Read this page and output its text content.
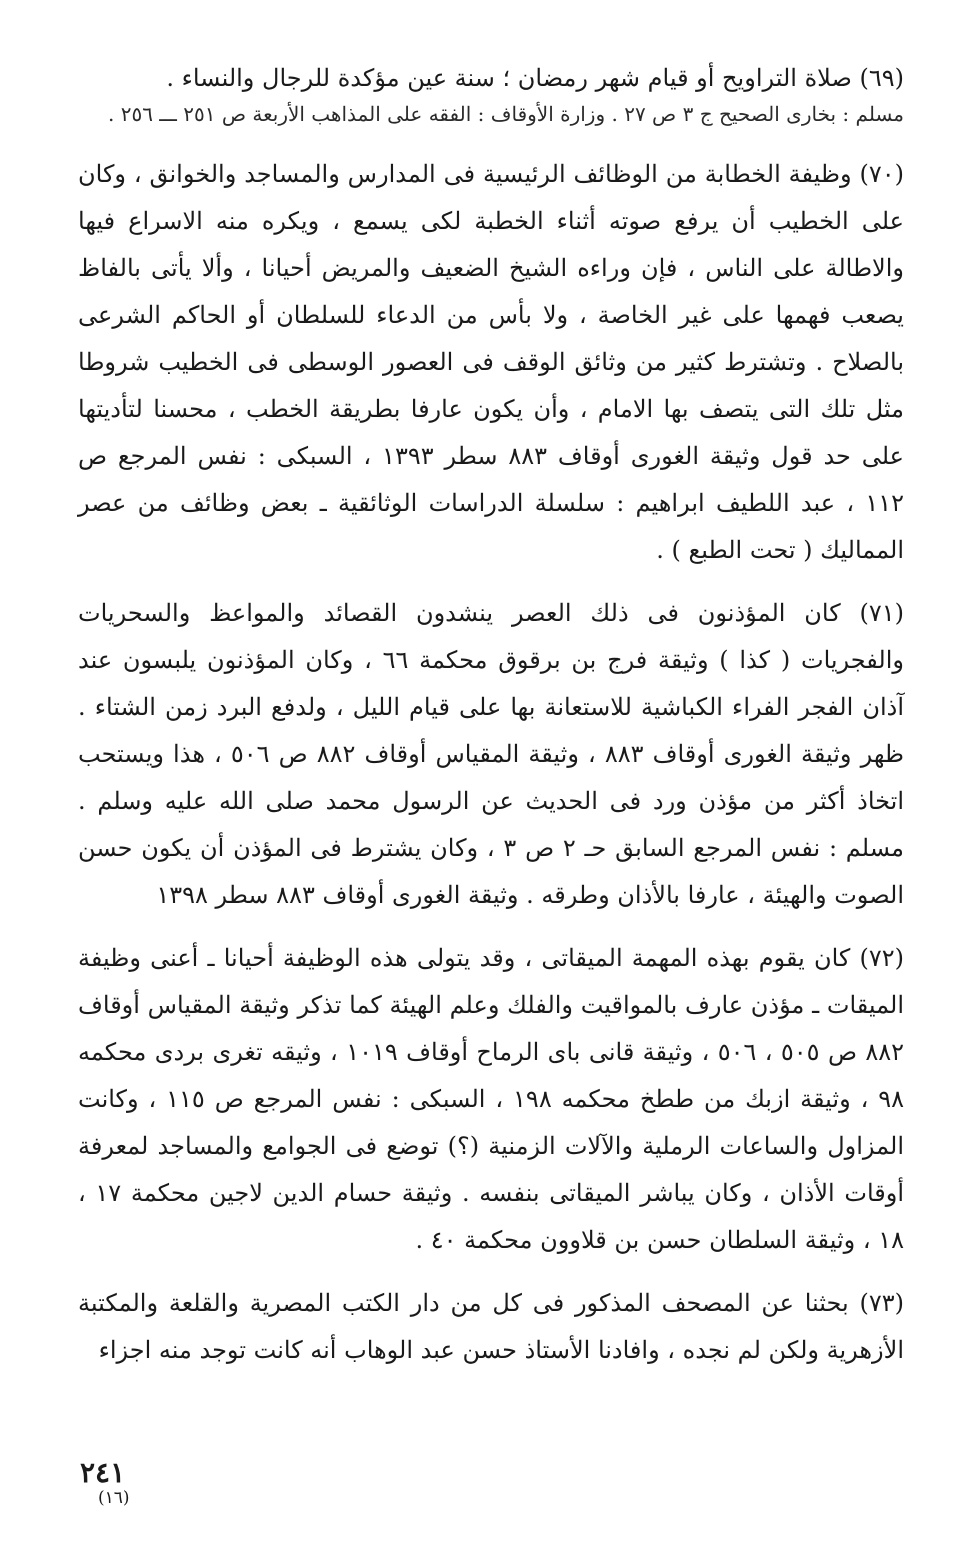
(٦٩) صلاة التراويح أو قيام شهر رمضان ؛ سنة عين مؤكدة للرجال والنساء .
مسلم : بخاری الصحيح ج ٣ ص ٢٧ . وزارة الأوقاف : الفقه على المذاهب الأربعة ص ٢٥١ ـــ ٢٥٦ .

(٧٠) وظيفة الخطابة من الوظائف الرئيسية فى المدارس والمساجد والخوانق ، وكان على الخطيب أن يرفع صوته أثناء الخطبة لكى يسمع ، ويكره منه الاسراع فيها والاطالة على الناس ، فإن وراءه الشيخ الضعيف والمريض أحيانا ، وألا يأتى بالفاظ يصعب فهمها على غير الخاصة ، ولا بأس من الدعاء للسلطان أو الحاكم الشرعى بالصلاح . وتشترط كثير من وثائق الوقف فى العصور الوسطى فى الخطيب شروطا مثل تلك التى يتصف بها الامام ، وأن يكون عارفا بطريقة الخطب ، محسنا لتأديتها على حد قول وثيقة الغورى أوقاف ٨٨٣ سطر ١٣٩٣ ، السبكى : نفس المرجع ص ١١٢ ، عبد اللطيف ابراهيم : سلسلة الدراسات الوثائقية ـ بعض وظائف من عصر المماليك ( تحت الطبع ) .

(٧١) كان المؤذنون فى ذلك العصر ينشدون القصائد والمواعظ والسحريات والفجريات ( كذا ) وثيقة فرج بن برقوق محكمة ٦٦ ، وكان المؤذنون يلبسون عند آذان الفجر الفراء الكباشية للاستعانة بها على قيام الليل ، ولدفع البرد زمن الشتاء . ظهر وثيقة الغورى أوقاف ٨٨٣ ، وثيقة المقياس أوقاف ٨٨٢ ص ٥٠٦ ، هذا ويستحب اتخاذ أكثر من مؤذن ورد فى الحديث عن الرسول محمد صلى الله عليه وسلم . مسلم : نفس المرجع السابق حـ ٢ ص ٣ ، وكان يشترط فى المؤذن أن يكون حسن الصوت والهيئة ، عارفا بالأذان وطرقه . وثيقة الغورى أوقاف ٨٨٣ سطر ١٣٩٨

(٧٢) كان يقوم بهذه المهمة الميقاتى ، وقد يتولى هذه الوظيفة أحيانا ـ أعنى وظيفة الميقات ـ مؤذن عارف بالمواقيت والفلك وعلم الهيئة كما تذكر وثيقة المقياس أوقاف ٨٨٢ ص ٥٠٥ ، ٥٠٦ ، وثيقة قانى باى الرماح أوقاف ١٠١٩ ، وثيقه تغرى بردى محكمه ٩٨ ، وثيقة ازبك من ططخ محكمه ١٩٨ ، السبكى : نفس المرجع ص ١١٥ ، وكانت المزاول والساعات الرملية والآلات الزمنية (؟) توضع فى الجوامع والمساجد لمعرفة أوقات الأذان ، وكان يباشر الميقاتى بنفسه . وثيقة حسام الدين لاجين محكمة ١٧ ، ١٨ ، وثيقة السلطان حسن بن قلاوون محكمة ٤٠ .

(٧٣) بحثنا عن المصحف المذكور فى كل من دار الكتب المصرية والقلعة والمكتبة الأزهرية ولكن لم نجده ، وافادنا الأستاذ حسن عبد الوهاب أنه كانت توجد منه اجزاء

٢٤١
(١٦)
